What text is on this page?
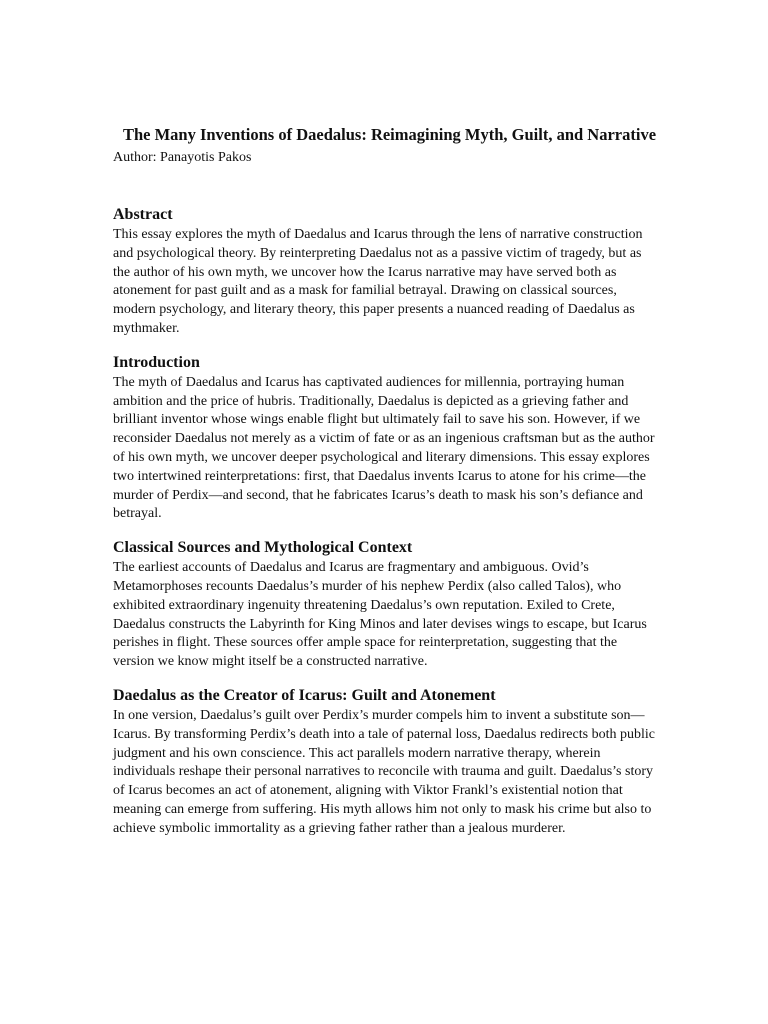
The Many Inventions of Daedalus: Reimagining Myth, Guilt, and Narrative

Author: Panayotis Pakos

Abstract

This essay explores the myth of Daedalus and Icarus through the lens of narrative construction and psychological theory. By reinterpreting Daedalus not as a passive victim of tragedy, but as the author of his own myth, we uncover how the Icarus narrative may have served both as atonement for past guilt and as a mask for familial betrayal. Drawing on classical sources, modern psychology, and literary theory, this paper presents a nuanced reading of Daedalus as mythmaker.

Introduction

The myth of Daedalus and Icarus has captivated audiences for millennia, portraying human ambition and the price of hubris. Traditionally, Daedalus is depicted as a grieving father and brilliant inventor whose wings enable flight but ultimately fail to save his son. However, if we reconsider Daedalus not merely as a victim of fate or as an ingenious craftsman but as the author of his own myth, we uncover deeper psychological and literary dimensions. This essay explores two intertwined reinterpretations: first, that Daedalus invents Icarus to atone for his crime—the murder of Perdix—and second, that he fabricates Icarus’s death to mask his son’s defiance and betrayal.

Classical Sources and Mythological Context

The earliest accounts of Daedalus and Icarus are fragmentary and ambiguous. Ovid’s Metamorphoses recounts Daedalus’s murder of his nephew Perdix (also called Talos), who exhibited extraordinary ingenuity threatening Daedalus’s own reputation. Exiled to Crete, Daedalus constructs the Labyrinth for King Minos and later devises wings to escape, but Icarus perishes in flight. These sources offer ample space for reinterpretation, suggesting that the version we know might itself be a constructed narrative.

Daedalus as the Creator of Icarus: Guilt and Atonement

In one version, Daedalus’s guilt over Perdix’s murder compels him to invent a substitute son—Icarus. By transforming Perdix’s death into a tale of paternal loss, Daedalus redirects both public judgment and his own conscience. This act parallels modern narrative therapy, wherein individuals reshape their personal narratives to reconcile with trauma and guilt. Daedalus’s story of Icarus becomes an act of atonement, aligning with Viktor Frankl’s existential notion that meaning can emerge from suffering. His myth allows him not only to mask his crime but also to achieve symbolic immortality as a grieving father rather than a jealous murderer.
